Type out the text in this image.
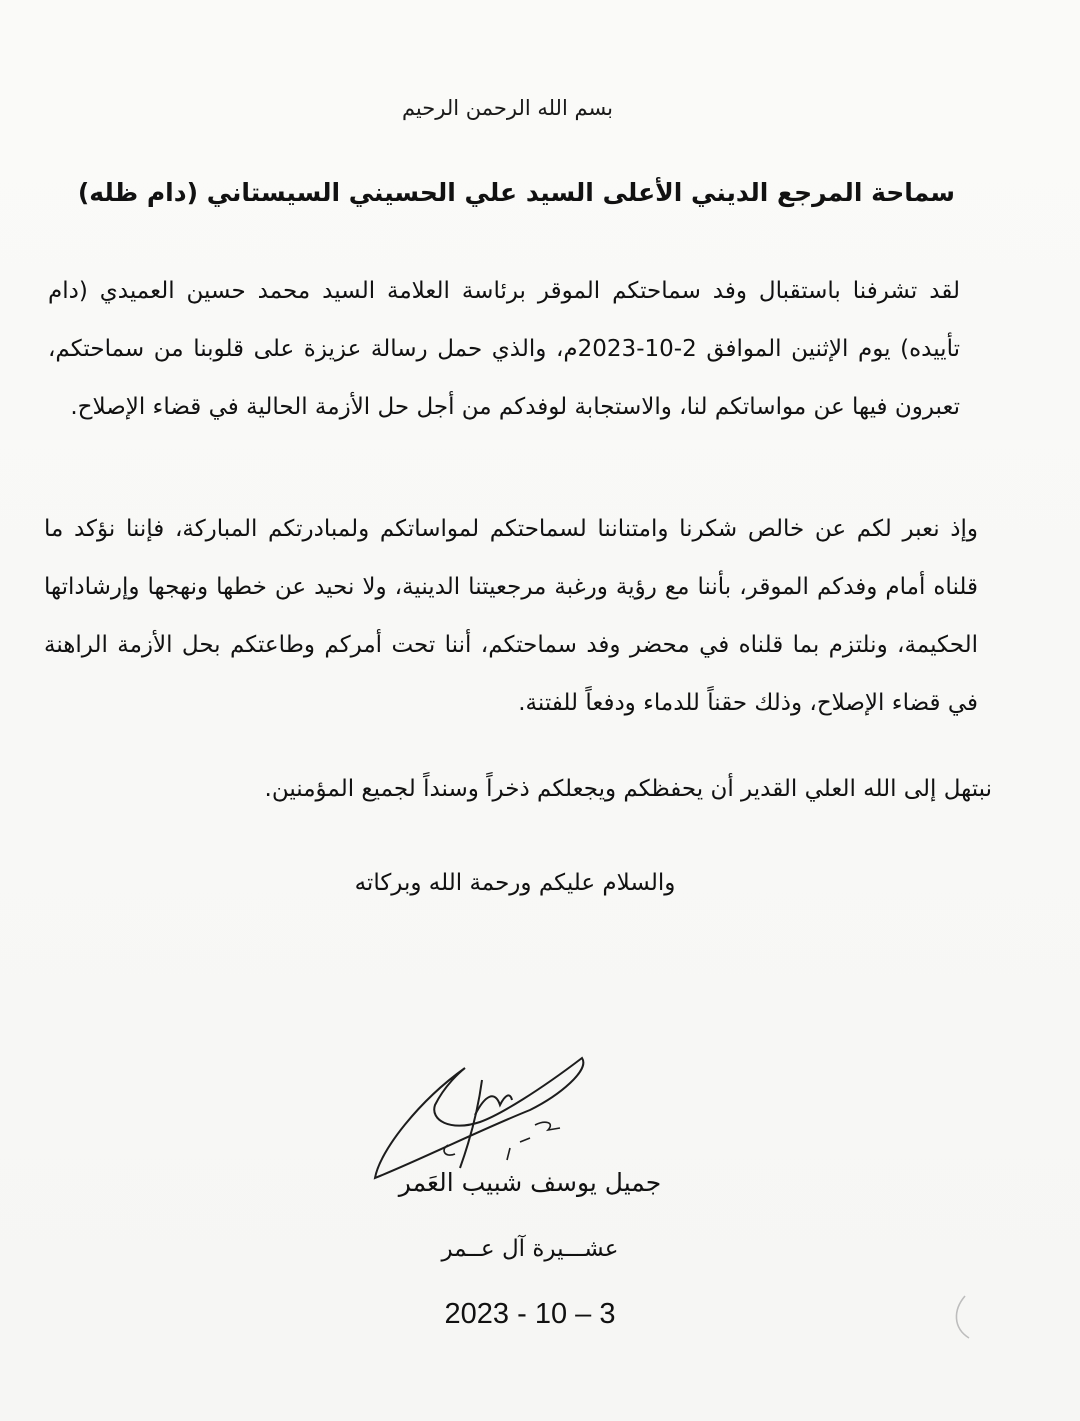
بسم الله الرحمن الرحيم
سماحة المرجع الديني الأعلى السيد علي الحسيني السيستاني (دام ظله)
لقد تشرفنا باستقبال وفد سماحتكم الموقر برئاسة العلامة السيد محمد حسين العميدي (دام تأييده) يوم الإثنين الموافق 2-10-2023م، والذي حمل رسالة عزيزة على قلوبنا من سماحتكم، تعبرون فيها عن مواساتكم لنا، والاستجابة لوفدكم من أجل حل الأزمة الحالية في قضاء الإصلاح.
وإذ نعبر لكم عن خالص شكرنا وامتناننا لسماحتكم لمواساتكم ولمبادرتكم المباركة، فإننا نؤكد ما قلناه أمام وفدكم الموقر، بأننا مع رؤية ورغبة مرجعيتنا الدينية، ولا نحيد عن خطها ونهجها وإرشاداتها الحكيمة، ونلتزم بما قلناه في محضر وفد سماحتكم، أننا تحت أمركم وطاعتكم بحل الأزمة الراهنة في قضاء الإصلاح، وذلك حقناً للدماء ودفعاً للفتنة.
نبتهل إلى الله العلي القدير أن يحفظكم ويجعلكم ذخراً وسنداً لجميع المؤمنين.
والسلام عليكم ورحمة الله وبركاته
جميل يوسف شبيب العَمر
عشـــيرة آل عــمر
2023 - 10 – 3
